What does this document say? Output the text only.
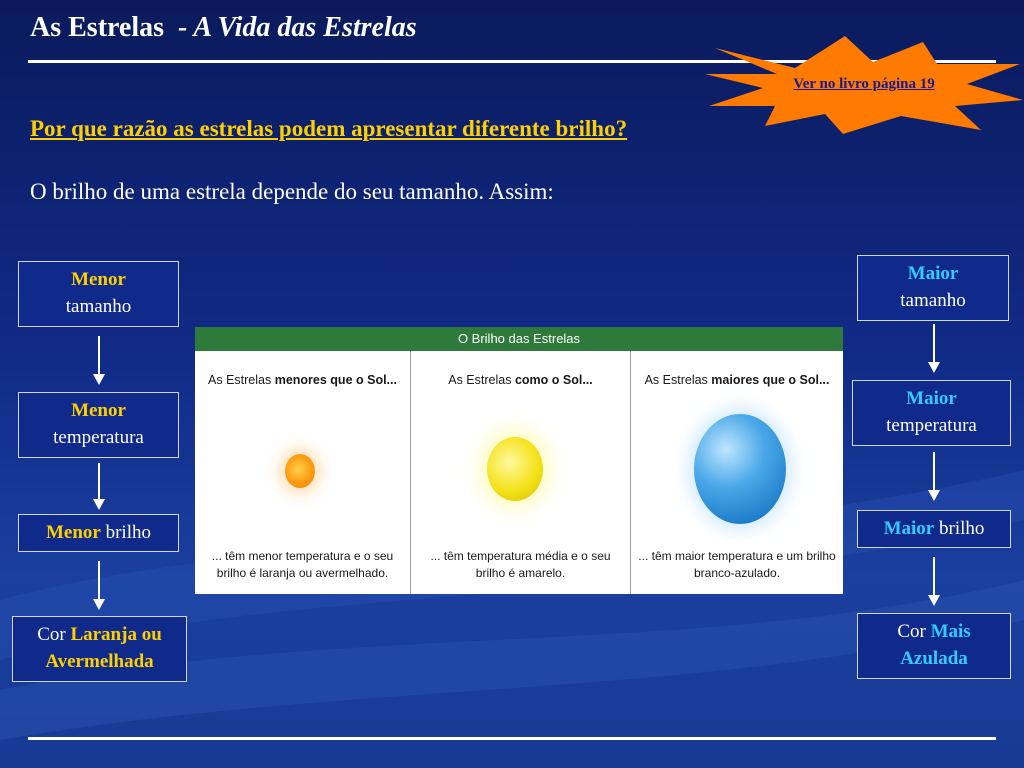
As Estrelas - A Vida das Estrelas
Ver no livro página 19
Por que razão as estrelas podem apresentar diferente brilho?
O brilho de uma estrela depende do seu tamanho. Assim:
Menor
tamanho
Menor
temperatura
Menor brilho
Cor Laranja ou
Avermelhada
O Brilho das Estrelas
As Estrelas menores que o Sol...
... têm menor temperatura e o seu
brilho é laranja ou avermelhado.
As Estrelas como o Sol...
... têm temperatura média e o seu
brilho é amarelo.
As Estrelas maiores que o Sol...
... têm maior temperatura e um brilho
branco-azulado.
Maior
tamanho
Maior
temperatura
Maior brilho
Cor Mais
Azulada
